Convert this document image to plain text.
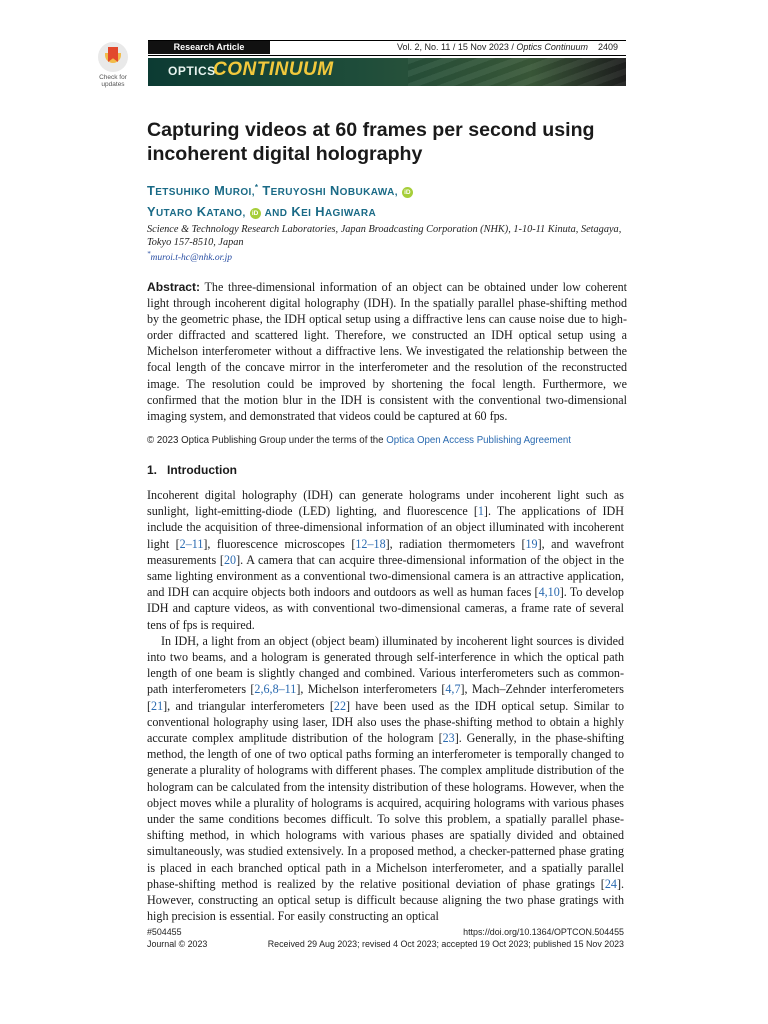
Check for
updates
Research Article	Vol. 2, No. 11 / 15 Nov 2023 / Optics Continuum 2409
OPTICS
CONTINUUM
Capturing videos at 60 frames per second using incoherent digital holography
TETSUHIKO MUROI,* TERUYOSHI NOBUKAWA, iD
YUTARO KATANO, iD AND KEI HAGIWARA
Science & Technology Research Laboratories, Japan Broadcasting Corporation (NHK), 1-10-11 Kinuta, Setagaya, Tokyo 157-8510, Japan
*muroi.t-hc@nhk.or.jp
Abstract: The three-dimensional information of an object can be obtained under low coherent light through incoherent digital holography (IDH). In the spatially parallel phase-shifting method by the geometric phase, the IDH optical setup using a diffractive lens can cause noise due to high-order diffracted and scattered light. Therefore, we constructed an IDH optical setup using a Michelson interferometer without a diffractive lens. We investigated the relationship between the focal length of the concave mirror in the interferometer and the resolution of the reconstructed image. The resolution could be improved by shortening the focal length. Furthermore, we confirmed that the motion blur in the IDH is consistent with the conventional two-dimensional imaging system, and demonstrated that videos could be captured at 60 fps.
© 2023 Optica Publishing Group under the terms of the Optica Open Access Publishing Agreement
1.   Introduction

Incoherent digital holography (IDH) can generate holograms under incoherent light such as sunlight, light-emitting-diode (LED) lighting, and fluorescence [1]. The applications of IDH include the acquisition of three-dimensional information of an object illuminated with incoherent light [2–11], fluorescence microscopes [12–18], radiation thermometers [19], and wavefront measurements [20]. A camera that can acquire three-dimensional information of the object in the same lighting environment as a conventional two-dimensional camera is an attractive application, and IDH can acquire objects both indoors and outdoors as well as human faces [4,10]. To develop IDH and capture videos, as with conventional two-dimensional cameras, a frame rate of several tens of fps is required.

In IDH, a light from an object (object beam) illuminated by incoherent light sources is divided into two beams, and a hologram is generated through self-interference in which the optical path length of one beam is slightly changed and combined. Various interferometers such as common-path interferometers [2,6,8–11], Michelson interferometers [4,7], Mach–Zehnder interferometers [21], and triangular interferometers [22] have been used as the IDH optical setup. Similar to conventional holography using laser, IDH also uses the phase-shifting method to obtain a highly accurate complex amplitude distribution of the hologram [23]. Generally, in the phase-shifting method, the length of one of two optical paths forming an interferometer is temporally changed to generate a plurality of holograms with different phases. The complex amplitude distribution of the hologram can be calculated from the intensity distribution of these holograms. However, when the object moves while a plurality of holograms is acquired, acquiring holograms with various phases under the same conditions becomes difficult. To solve this problem, a spatially parallel phase-shifting method, in which holograms with various phases are spatially divided and obtained simultaneously, was studied extensively. In a proposed method, a checker-patterned phase grating is placed in each branched optical path in a Michelson interferometer, and a spatially parallel phase-shifting method is realized by the relative positional deviation of phase gratings [24]. However, constructing an optical setup is difficult because aligning the two phase gratings with high precision is essential. For easily constructing an optical

#504455
Journal © 2023
https://doi.org/10.1364/OPTCON.504455
Received 29 Aug 2023; revised 4 Oct 2023; accepted 19 Oct 2023; published 15 Nov 2023
